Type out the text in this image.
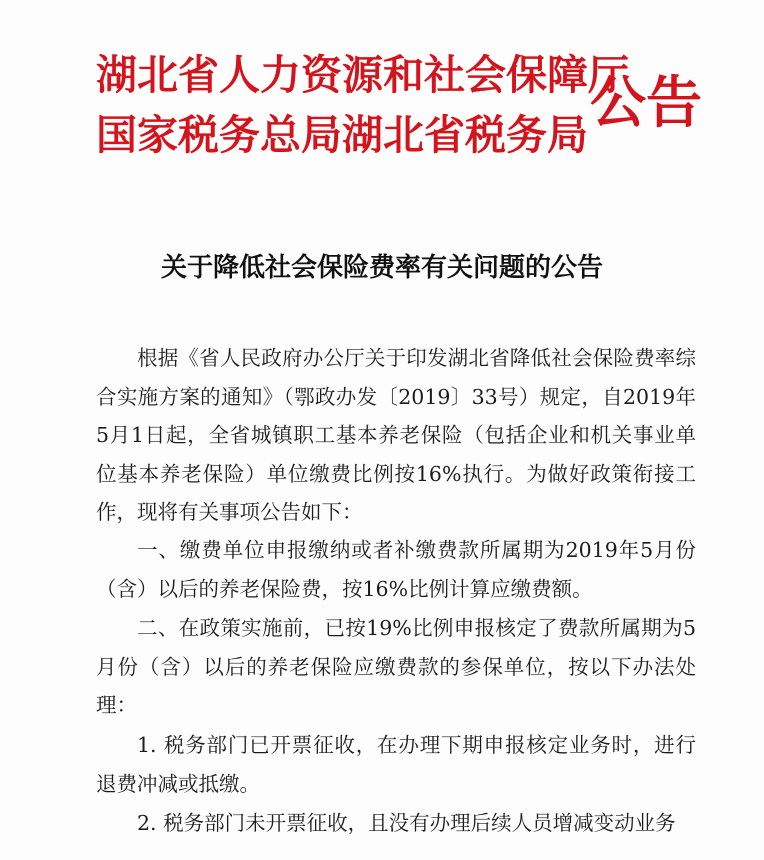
湖北省人力资源和社会保障厅
国家税务总局湖北省税务局 公告
关于降低社会保险费率有关问题的公告

根据《省人民政府办公厅关于印发湖北省降低社会保险费率综合实施方案的通知》（鄂政办发〔2019〕33号）规定，自2019年5月1日起，全省城镇职工基本养老保险（包括企业和机关事业单位基本养老保险）单位缴费比例按16%执行。为做好政策衔接工作，现将有关事项公告如下：

一、缴费单位申报缴纳或者补缴费款所属期为2019年5月份（含）以后的养老保险费，按16%比例计算应缴费额。

二、在政策实施前，已按19%比例申报核定了费款所属期为5月份（含）以后的养老保险应缴费款的参保单位，按以下办法处理：

1. 税务部门已开票征收，在办理下期申报核定业务时，进行退费冲减或抵缴。

2. 税务部门未开票征收，且没有办理后续人员增减变动业务
